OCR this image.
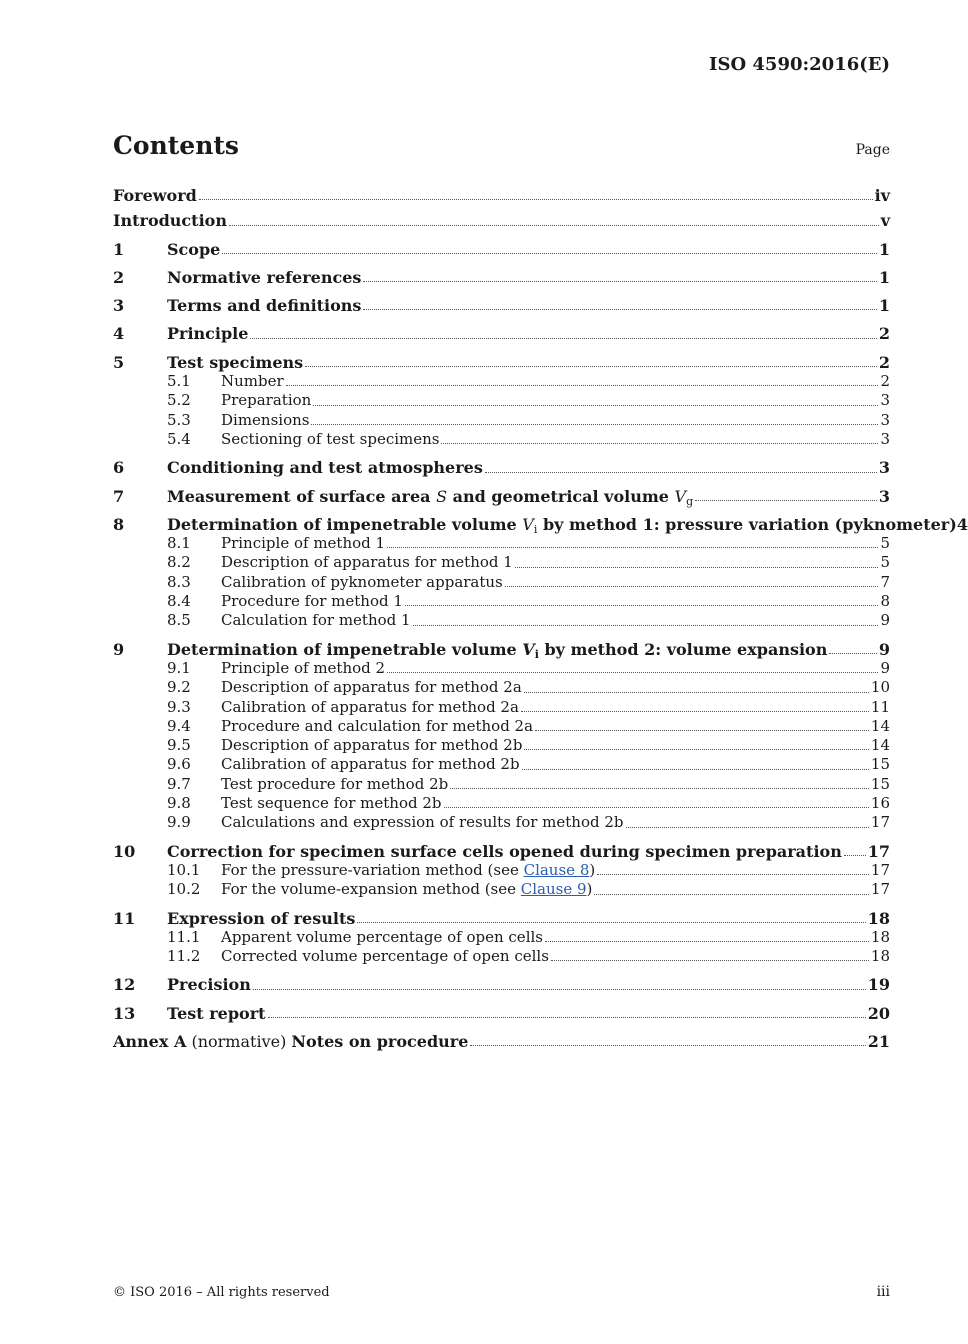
ISO 4590:2016(E)
Contents	Page
Foreword	iv
Introduction	v
1	Scope	1
2	Normative references	1
3	Terms and definitions	1
4	Principle	2
5	Test specimens	2
5.1	Number	2
5.2	Preparation	3
5.3	Dimensions	3
5.4	Sectioning of test specimens	3
6	Conditioning and test atmospheres	3
7	Measurement of surface area S and geometrical volume $V_g$	3
8	Determination of impenetrable volume $V_i$ by method 1: pressure variation (pyknometer) 4
8.1	Principle of method 1	5
8.2	Description of apparatus for method 1	5
8.3	Calibration of pyknometer apparatus	7
8.4	Procedure for method 1	8
8.5	Calculation for method 1	9
9	Determination of impenetrable volume $V_i$ by method 2: volume expansion	9
9.1	Principle of method 2	9
9.2	Description of apparatus for method 2a	10
9.3	Calibration of apparatus for method 2a	11
9.4	Procedure and calculation for method 2a	14
9.5	Description of apparatus for method 2b	14
9.6	Calibration of apparatus for method 2b	15
9.7	Test procedure for method 2b	15
9.8	Test sequence for method 2b	16
9.9	Calculations and expression of results for method 2b	17
10	Correction for specimen surface cells opened during specimen preparation 17
10.1	For the pressure-variation method (see Clause 8)	17
10.2	For the volume-expansion method (see Clause 9)	17
11	Expression of results	18
11.1	Apparent volume percentage of open cells	18
11.2	Corrected volume percentage of open cells	18
12	Precision	19
13	Test report	20
Annex A (normative) Notes on procedure	21
© ISO 2016 – All rights reserved	iii
